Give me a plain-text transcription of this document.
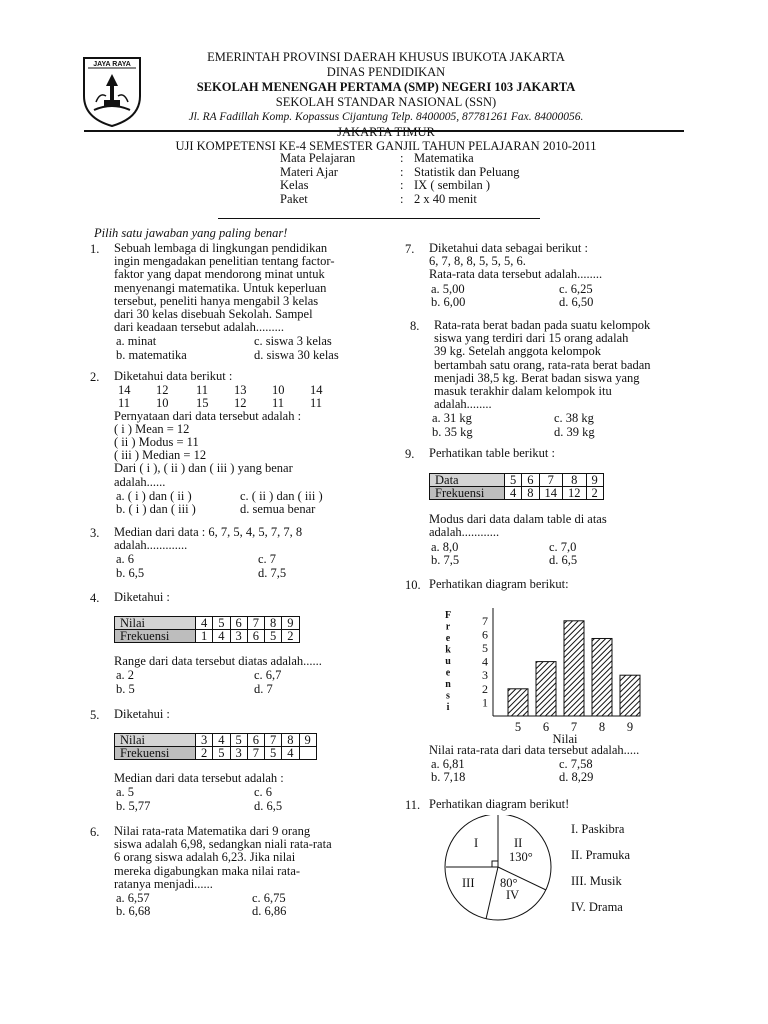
JAYA RAYA
EMERINTAH PROVINSI DAERAH KHUSUS IBUKOTA JAKARTA
DINAS PENDIDIKAN
SEKOLAH MENENGAH PERTAMA (SMP) NEGERI 103 JAKARTA
SEKOLAH STANDAR NASIONAL (SSN)
Jl. RA Fadillah Komp. Kopassus Cijantung Telp. 8400005, 87781261 Fax. 84000056.
JAKARTA TIMUR
UJI KOMPETENSI KE-4 SEMESTER GANJIL TAHUN PELAJARAN 2010-2011
Mata Pelajaran	: Matematika
Materi Ajar	: Statistik dan Peluang
Kelas	: IX ( sembilan )
Paket	: 2 x 40 menit
Pilih satu jawaban yang paling benar!
1. Sebuah lembaga di lingkungan pendidikan
ingin mengadakan penelitian tentang factor-
faktor yang dapat mendorong minat untuk
menyenangi matematika. Untuk keperluan
tersebut, peneliti hanya mengabil 3 kelas
dari 30 kelas disebuah Sekolah. Sampel
dari keadaan tersebut adalah.........
a. minat	c. siswa 3 kelas
b. matematika	d. siswa 30 kelas
2. Diketahui data berikut :
14 12 11 13 10 14
11 10 15 12 11 11
Pernyataan dari data tersebut adalah :
( i ) Mean = 12
( ii ) Modus = 11
( iii ) Median = 12
Dari ( i ), ( ii ) dan ( iii ) yang benar
adalah......
a. ( i ) dan ( ii )	c. ( ii ) dan ( iii )
b. ( i ) dan ( iii )	d. semua benar
3. Median dari data : 6, 7, 5, 4, 5, 7, 7, 8
adalah.............
a. 6	c. 7
b. 6,5	d. 7,5
4. Diketahui :
Nilai	4	5	6	7	8	9
Frekuensi	1	4	3	6	5	2
Range dari data tersebut diatas adalah......
a. 2	c. 6,7
b. 5	d. 7
5. Diketahui :
Nilai	3	4	5	6	7	8	9
Frekuensi	2	5	3	7	5	4	
Median dari data tersebut adalah :
a. 5	c. 6
b. 5,77	d. 6,5
6. Nilai rata-rata Matematika dari 9 orang
siswa adalah 6,98, sedangkan niali rata-rata
6 orang siswa adalah 6,23. Jika nilai
mereka digabungkan maka nilai rata-
ratanya menjadi......
a. 6,57	c. 6,75
b. 6,68	d. 6,86
7. Diketahui data sebagai berikut :
6, 7, 8, 8, 5, 5, 5, 6.
Rata-rata data tersebut adalah........
a. 5,00	c. 6,25
b. 6,00	d. 6,50
8. Rata-rata berat badan pada suatu kelompok
siswa yang terdiri dari 15 orang adalah
39 kg. Setelah anggota kelompok
bertambah satu orang, rata-rata berat badan
menjadi 38,5 kg. Berat badan siswa yang
masuk terakhir dalam kelompok itu
adalah........
a. 31 kg	c. 38 kg
b. 35 kg	d. 39 kg
9. Perhatikan table berikut :
Data	5	6	7	8	9
Frekuensi	4	8	14	12	2
Modus dari data dalam table di atas
adalah............
a. 8,0	c. 7,0
b. 7,5	d. 6,5
10. Perhatikan diagram berikut:
F
r
e
k
u
e
n
s
i	1
2
3
4
5
6
7
5 6 7 8 9
Nilai
Nilai rata-rata dari data tersebut adalah.....
a. 6,81	c. 7,58
b. 7,18	d. 8,29
11. Perhatikan diagram berikut!
I	II
130°
III 80°
IV
I. Paskibra
II. Pramuka
III. Musik
IV. Drama
